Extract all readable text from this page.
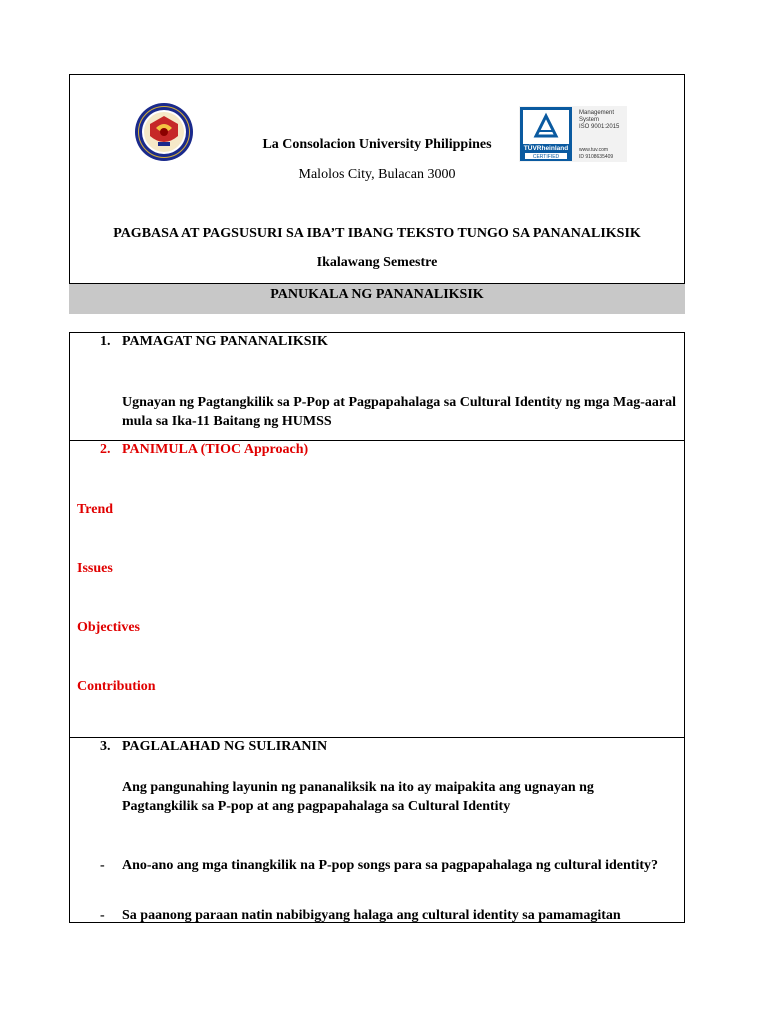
TÜVRheinland
CERTIFIED
Management
System
ISO 9001:2015
www.tuv.com
ID 9108635409
La Consolacion University Philippines
Malolos City, Bulacan 3000
PAGBASA AT PAGSUSURI SA IBA’T IBANG TEKSTO TUNGO SA PANANALIKSIK
Ikalawang Semestre
PANUKALA NG PANANALIKSIK
1. PAMAGAT NG PANANALIKSIK
Ugnayan ng Pagtangkilik sa P-Pop at Pagpapahalaga sa Cultural Identity ng mga Mag-aaral mula sa Ika-11 Baitang ng HUMSS
2. PANIMULA (TIOC Approach)
Trend
Issues
Objectives
Contribution
3. PAGLALAHAD NG SULIRANIN
Ang pangunahing layunin ng pananaliksik na ito ay maipakita ang ugnayan ng Pagtangkilik sa P-pop at ang pagpapahalaga sa Cultural Identity
- Ano-ano ang mga tinangkilik na P-pop songs para sa pagpapahalaga ng cultural identity?
- Sa paanong paraan natin nabibigyang halaga ang cultural identity sa pamamagitan
